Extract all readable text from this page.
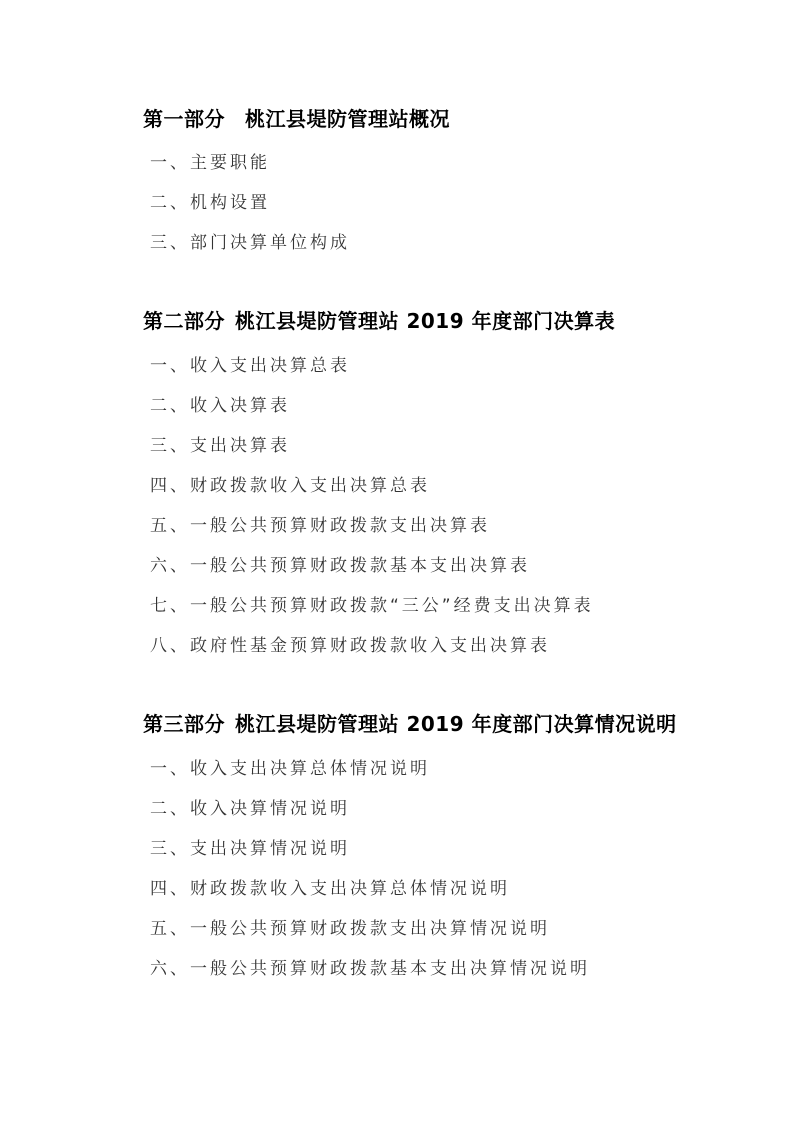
第一部分 桃江县堤防管理站概况
一、主要职能
二、机构设置
三、部门决算单位构成
第二部分 桃江县堤防管理站 2019 年度部门决算表
一、收入支出决算总表
二、收入决算表
三、支出决算表
四、财政拨款收入支出决算总表
五、一般公共预算财政拨款支出决算表
六、一般公共预算财政拨款基本支出决算表
七、一般公共预算财政拨款“三公”经费支出决算表
八、政府性基金预算财政拨款收入支出决算表
第三部分 桃江县堤防管理站 2019 年度部门决算情况说明
一、收入支出决算总体情况说明
二、收入决算情况说明
三、支出决算情况说明
四、财政拨款收入支出决算总体情况说明
五、一般公共预算财政拨款支出决算情况说明
六、一般公共预算财政拨款基本支出决算情况说明
